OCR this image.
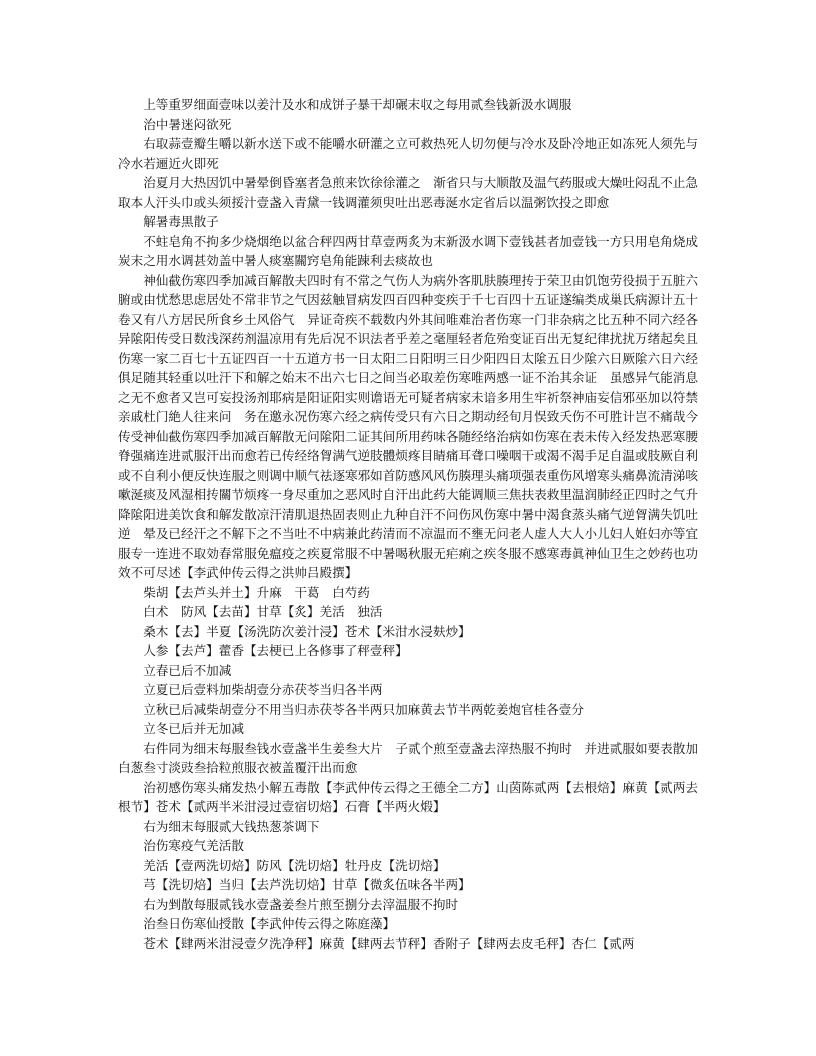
上等重罗细面壹味以姜汁及水和成饼子暴干却碾末収之每用贰叁钱新汲水调服

治中暑迷闷欲死

右取蒜壹瓣生嚼以新水送下或不能嚼水研灌之立可救热死人切勿便与冷水及卧冷地正如冻死人须先与冷水若逦近火即死

治夏月大热因饥中暑晕倒昏塞者急煎来饮徐徐灌之　渐省只与大顺散及温气药服或大燥吐闷乱不止急取本人汗头巾或头须挼汁壹盏入青黛一钱调灌须臾吐出恶毒涎水定省后以温粥饮投之即愈

解暑毒黒散子

不蛀皂角不拘多少烧烟绝以盆合秤四两甘草壹两炙为末新汲水调下壹钱甚者加壹钱一方只用皂角烧成炭末之用水调甚効盖中暑人痰塞關窍皂角能踈利去痰故也

神仙截伤寒四季加减百解散夫四时有不常之气伤人为病外客肌肤腠理抟于荣卫由饥饱劳役损于五脏六腑或由忧愁思虑居处不常非节之气因兹触冒病发四百四种变疾于千七百四十五证遂编类成巢氏病源计五十卷又有八方居民所食乡土风俗气　异证奇疾不载数内外其间唯难治者伤寒一门非杂病之比五种不同六经各异隂阳传受日数浅深药剂温凉用有先后况不识法者乎差之毫厘轻者危殆变证百出无复纪律扰扰万绪起矣且伤寒一家二百七十五证四百一十五道方书一日太阳二日阳明三日少阳四日太隂五日少隂六日厥隂六日六经俱足随其轻重以吐汗下和解之始末不出六七日之间当必取差伤寒唯两感一证不治其余证　虽感异气能消息之无不愈者又岂可妄投汤剂耶病是阳证阳实则谵语无可疑者病家未谙多用生牢祈祭神庙妄信邪巫加以符禁亲戚杜门絶人往来问　务在邀永况伤寒六经之病传受只有六日之期动经旬月悮致夭伤不可胜计岂不痛哉今传受神仙截伤寒四季加减百解散无问隂阳二证其间所用药味各随经络治病如伤寒在表未传入经发热恶寒腰脊强痛连进贰服汗出而愈若已传经络胷满气逆肢體烦疼目睛痛耳聋口噪咽干或渴不渴手足自温或肢厥自利或不自利小便反快连服之则调中顺气祛逐寒邪如首防感风风伤腠理头痛项强表重伤风增寒头痛鼻流清涕咳嗽涎痰及风湿相抟關节烦疼一身尽重加之恶风时自汗出此药大能调顺三焦扶表救里温润肺经正四时之气升降隂阳进美饮食和解发散凉汗清肌退热固表则止九种自汗不问伤风伤寒中暑中渴食蒸头痛气逆胷满失饥吐逆　晕及已经汗之不解下之不当吐不中病兼此药清而不凉温而不壅无问老人虚人大人小儿妇人姙妇亦等宜服专一连进不取効春常服免瘟疫之疾夏常服不中暑喝秋服无疟痢之疾冬服不感寒毒眞神仙卫生之妙药也功效不可尽述【李武仲传云得之洪帅吕殿撰】

柴胡【去芦头并土】升麻　干葛　白芍药

白术　防风【去苗】甘草【炙】羌活　独活

桑木【去】半夏【汤洗防次姜汁浸】苍术【米泔水浸麸炒】

人参【去芦】藿香【去梗已上各修事了秤壹秤】

立春已后不加减

立夏已后壹料加柴胡壹分赤茯苓当归各半两

立秋已后减柴胡壹分不用当归赤茯苓各半两只加麻黄去节半两乾姜炮官桂各壹分

立冬已后并无加减

右件同为细末每服叁钱水壹盏半生姜叁大片　子贰个煎至壹盏去滓热服不拘时　并进贰服如要表散加白葱叁寸淡豉叁拾粒煎服衣被盖覆汗出而愈

治初感伤寒头痛发热小解五毒散【李武仲传云得之王德全二方】山茵陈贰两【去根焙】麻黄【贰两去根节】苍术【贰两半米泔浸过壹宿切焙】石膏【半两火煅】

右为细末每服贰大钱热葱茶调下

治伤寒疫气羌活散

羌活【壹两洗切焙】防风【洗切焙】牡丹皮【洗切焙】

芎【洗切焙】当归【去芦洗切焙】甘草【微炙伍味各半两】

右为剉散每服贰钱水壹盏姜叁片煎至捌分去滓温服不拘时

治叁日伤寒仙授散【李武仲传云得之陈庭藻】

苍术【肆两米泔浸壹夕洗净秤】麻黄【肆两去节秤】香附子【肆两去皮毛秤】杏仁【贰两
